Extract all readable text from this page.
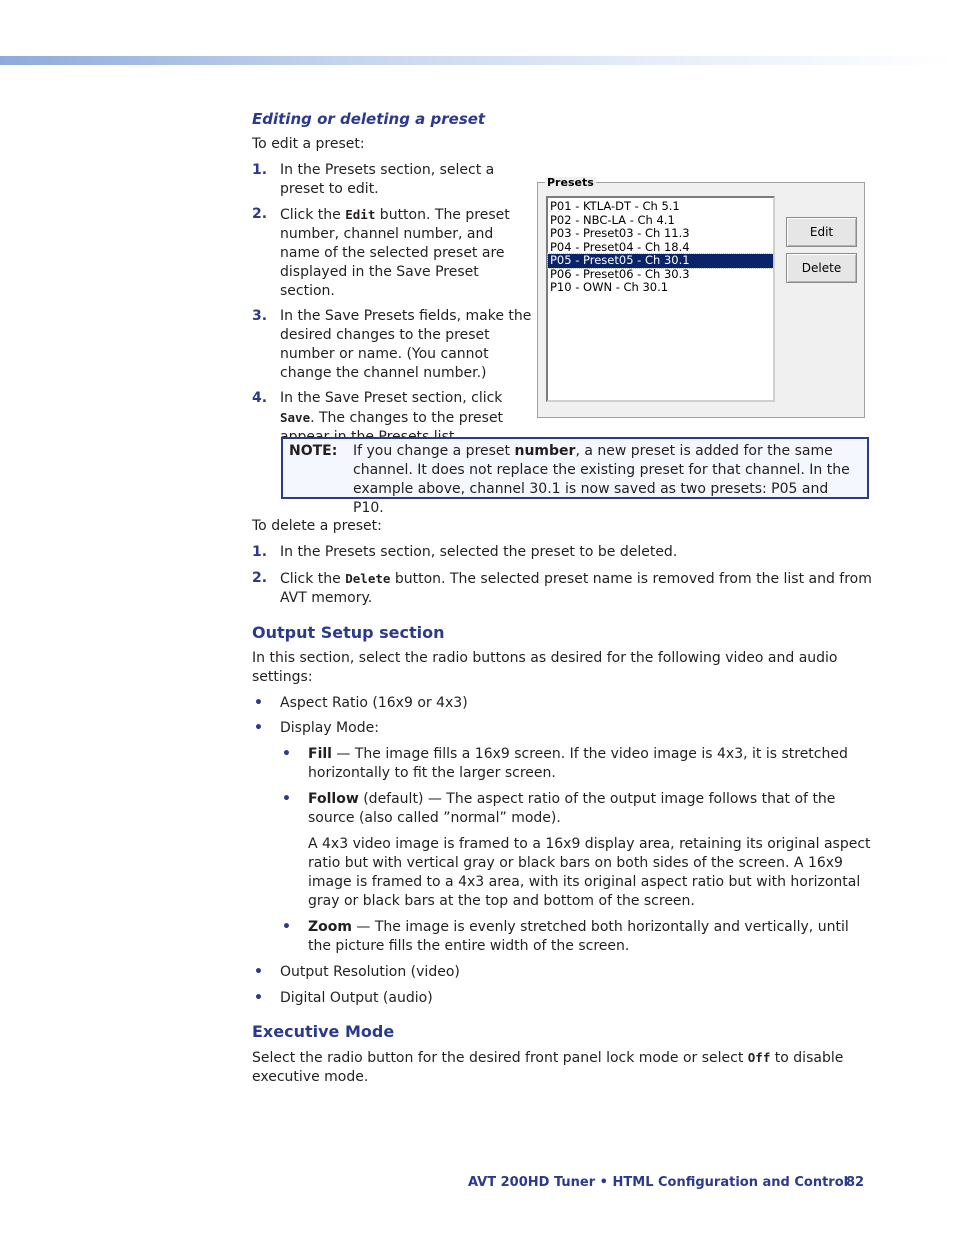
Editing or deleting a preset

To edit a preset:

1. In the Presets section, select a preset to edit.
2. Click the Edit button. The preset number, channel number, and name of the selected preset are displayed in the Save Preset section.
3. In the Save Presets fields, make the desired changes to the preset number or name. (You cannot change the channel number.)
4. In the Save Preset section, click Save. The changes to the preset
Presets
P01 - KTLA-DT - Ch 5.1
P02 - NBC-LA - Ch 4.1
P03 - Preset03 - Ch 11.3
P04 - Preset04 - Ch 18.4
P05 - Preset05 - Ch 30.1
P06 - Preset06 - Ch 30.3
P10 - OWN - Ch 30.1
Edit
Delete
NOTE: If you change a preset number, a new preset is added for the same channel. It does not replace the existing preset for that channel. In the example above, channel 30.1 is now saved as two presets: P05 and P10.

To delete a preset:

1. In the Presets section, selected the preset to be deleted.
2. Click the Delete button. The selected preset name is removed from the list and from AVT memory.
Output Setup section

In this section, select the radio buttons as desired for the following video and audio settings:

• Aspect Ratio (16x9 or 4x3)
• Display Mode:
• Fill — The image fills a 16x9 screen. If the video image is 4x3, it is stretched horizontally to fit the larger screen.
• Follow (default) — The aspect ratio of the output image follows that of the source (also called ”normal” mode).
A 4x3 video image is framed to a 16x9 display area, retaining its original aspect ratio but with vertical gray or black bars on both sides of the screen. A 16x9 image is framed to a 4x3 area, with its original aspect ratio but with horizontal gray or black bars at the top and bottom of the screen.
• Zoom — The image is evenly stretched both horizontally and vertically, until the picture fills the entire width of the screen.
• Output Resolution (video)
• Digital Output (audio)
Executive Mode

Select the radio button for the desired front panel lock mode or select Off to disable executive mode.

AVT 200HD Tuner • HTML Configuration and Control
82
